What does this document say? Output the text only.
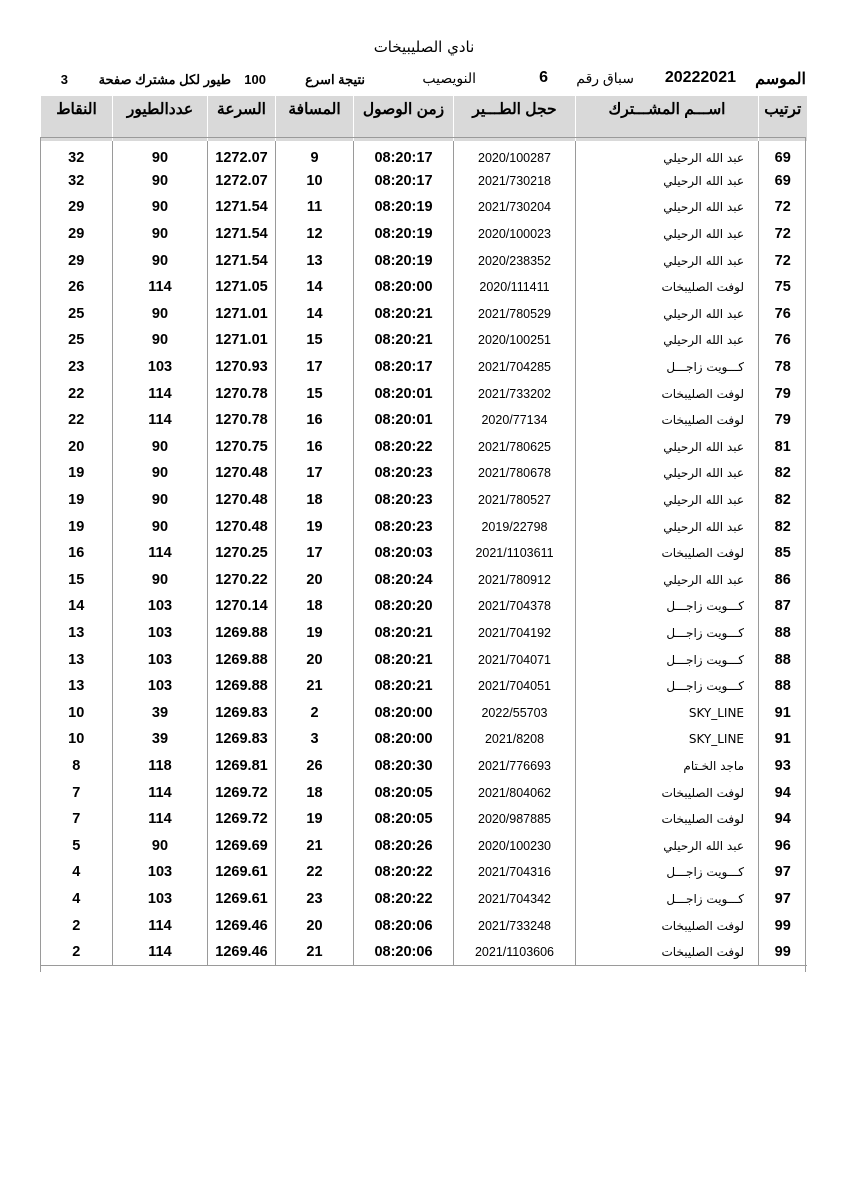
نادي الصليبيخات
الموسم
20222021
سباق رقم
6
النويصيب
نتيجة اسرع
100
طيور لكل مشترك صفحة
3
ترتيب	اســـم المشـــترك	حجل الطـــير	زمن الوصول	المسافة	السرعة	عددالطيور	النقاط
69	عبد الله الرحيلي	2020/100287	08:20:17	9	1272.07	90	32
69	عبد الله الرحيلي	2021/730218	08:20:17	10	1272.07	90	32
72	عبد الله الرحيلي	2021/730204	08:20:19	11	1271.54	90	29
72	عبد الله الرحيلي	2020/100023	08:20:19	12	1271.54	90	29
72	عبد الله الرحيلي	2020/238352	08:20:19	13	1271.54	90	29
75	لوفت الصليبخات	2020/111411	08:20:00	14	1271.05	114	26
76	عبد الله الرحيلي	2021/780529	08:20:21	14	1271.01	90	25
76	عبد الله الرحيلي	2020/100251	08:20:21	15	1271.01	90	25
78	كـــويت زاجـــل	2021/704285	08:20:17	17	1270.93	103	23
79	لوفت الصليبخات	2021/733202	08:20:01	15	1270.78	114	22
79	لوفت الصليبخات	2020/77134	08:20:01	16	1270.78	114	22
81	عبد الله الرحيلي	2021/780625	08:20:22	16	1270.75	90	20
82	عبد الله الرحيلي	2021/780678	08:20:23	17	1270.48	90	19
82	عبد الله الرحيلي	2021/780527	08:20:23	18	1270.48	90	19
82	عبد الله الرحيلي	2019/22798	08:20:23	19	1270.48	90	19
85	لوفت الصليبخات	2021/1103611	08:20:03	17	1270.25	114	16
86	عبد الله الرحيلي	2021/780912	08:20:24	20	1270.22	90	15
87	كـــويت زاجـــل	2021/704378	08:20:20	18	1270.14	103	14
88	كـــويت زاجـــل	2021/704192	08:20:21	19	1269.88	103	13
88	كـــويت زاجـــل	2021/704071	08:20:21	20	1269.88	103	13
88	كـــويت زاجـــل	2021/704051	08:20:21	21	1269.88	103	13
91	SKY_LINE	2022/55703	08:20:00	2	1269.83	39	10
91	SKY_LINE	2021/8208	08:20:00	3	1269.83	39	10
93	ماجد الخـتام	2021/776693	08:20:30	26	1269.81	118	8
94	لوفت الصليبخات	2021/804062	08:20:05	18	1269.72	114	7
94	لوفت الصليبخات	2020/987885	08:20:05	19	1269.72	114	7
96	عبد الله الرحيلي	2020/100230	08:20:26	21	1269.69	90	5
97	كـــويت زاجـــل	2021/704316	08:20:22	22	1269.61	103	4
97	كـــويت زاجـــل	2021/704342	08:20:22	23	1269.61	103	4
99	لوفت الصليبخات	2021/733248	08:20:06	20	1269.46	114	2
99	لوفت الصليبخات	2021/1103606	08:20:06	21	1269.46	114	2
